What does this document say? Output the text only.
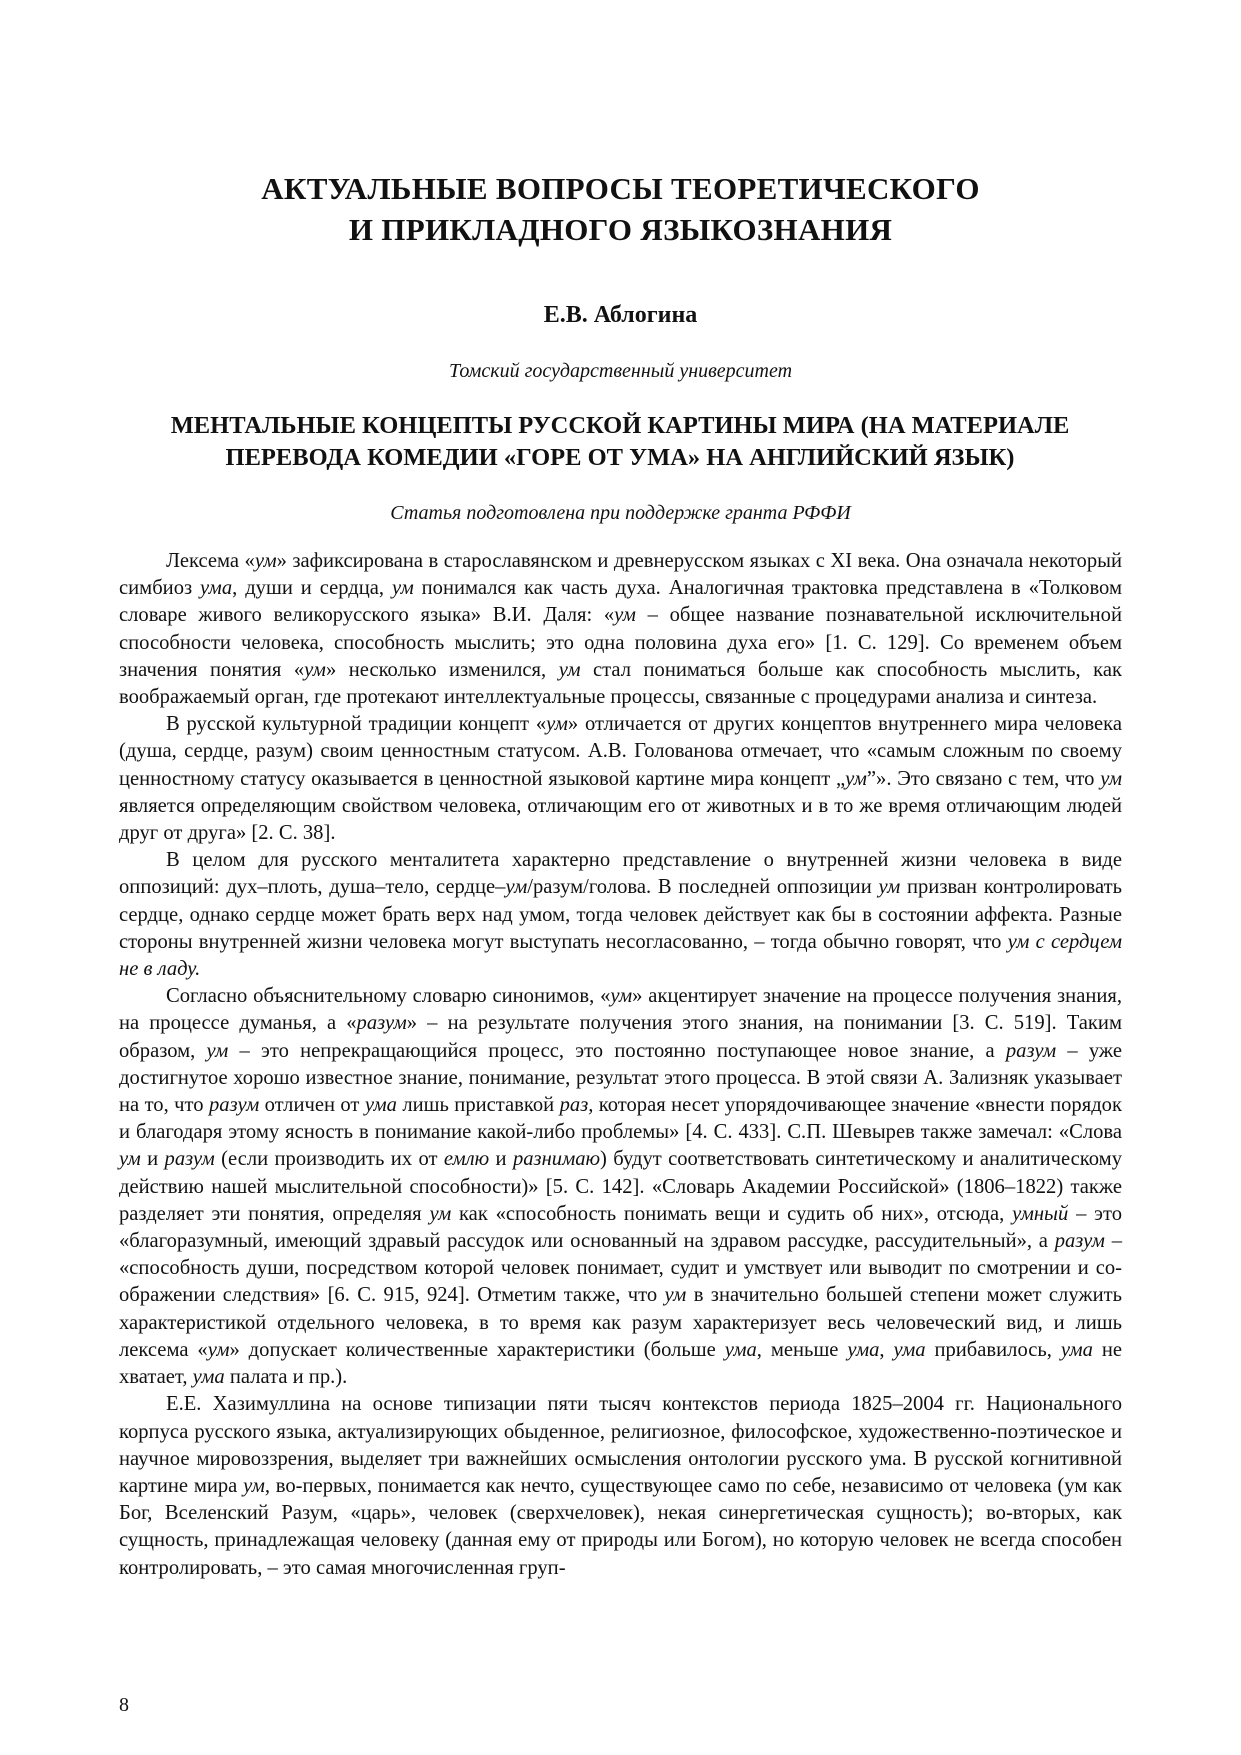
АКТУАЛЬНЫЕ ВОПРОСЫ ТЕОРЕТИЧЕСКОГО
И ПРИКЛАДНОГО ЯЗЫКОЗНАНИЯ
Е.В. Аблогина
Томский государственный университет
МЕНТАЛЬНЫЕ КОНЦЕПТЫ РУССКОЙ КАРТИНЫ МИРА (НА МАТЕРИАЛЕ
ПЕРЕВОДА КОМЕДИИ «ГОРЕ ОТ УМА» НА АНГЛИЙСКИЙ ЯЗЫК)
Статья подготовлена при поддержке гранта РФФИ

Лексема «ум» зафиксирована в старославянском и древнерусском языках с XI века. Она означала некоторый симбиоз ума, души и сердца, ум понимался как часть духа. Аналогичная трактовка представлена в «Толковом словаре живого великорусского языка» В.И. Даля: «ум – общее название познавательной исключительной способности человека, способность мыслить; это одна половина духа его» [1. С. 129]. Со временем объем значения понятия «ум» несколько изменился, ум стал пониматься больше как способность мыслить, как воображаемый орган, где протекают интеллектуальные процессы, связанные с процедурами анализа и синтеза.

В русской культурной традиции концепт «ум» отличается от других концептов внутреннего мира человека (душа, сердце, разум) своим ценностным статусом. А.В. Голованова отмечает, что «самым сложным по своему ценностному статусу оказывается в ценностной языковой картине мира концепт „ум”». Это связано с тем, что ум является определяющим свойством человека, отличающим его от животных и в то же время отличающим людей друг от друга» [2. С. 38].

В целом для русского менталитета характерно представление о внутренней жизни человека в виде оппозиций: дух–плоть, душа–тело, сердце–ум/разум/голова. В последней оппозиции ум призван контролировать сердце, однако сердце может брать верх над умом, тогда человек действует как бы в состоянии аффекта. Разные стороны внутренней жизни человека могут выступать несогласованно, – тогда обычно говорят, что ум с сердцем не в ладу.

Согласно объяснительному словарю синонимов, «ум» акцентирует значение на процессе получения знания, на процессе думанья, а «разум» – на результате получения этого знания, на понимании [3. С. 519]. Таким образом, ум – это непрекращающийся процесс, это постоянно поступающее новое знание, а разум – уже достигнутое хорошо известное знание, понимание, результат этого процесса. В этой связи А. Зализняк указывает на то, что разум отличен от ума лишь приставкой раз, которая несет упорядочивающее значение «внести порядок и благодаря этому ясность в понимание какой-либо проблемы» [4. С. 433]. С.П. Шевырев также замечал: «Слова ум и разум (если производить их от емлю и разнимаю) будут соответствовать синтетическому и аналитическому действию нашей мыслительной способности)» [5. С. 142]. «Словарь Академии Российской» (1806–1822) также разделяет эти понятия, определяя ум как «способность понимать вещи и судить об них», отсюда, умный – это «благоразумный, имеющий здравый рассудок или основанный на здравом рассудке, рассудительный», а разум – «способность души, посредством которой человек понимает, судит и умствует или выводит по смотрении и соображении следствия» [6. С. 915, 924]. Отметим также, что ум в значительно большей степени может служить характеристикой отдельного человека, в то время как разум характеризует весь человеческий вид, и лишь лексема «ум» допускает количественные характеристики (больше ума, меньше ума, ума прибавилось, ума не хватает, ума палата и пр.).

Е.Е. Хазимуллина на основе типизации пяти тысяч контекстов периода 1825–2004 гг. Национального корпуса русского языка, актуализирующих обыденное, религиозное, философское, художественно-поэтическое и научное мировоззрения, выделяет три важнейших осмысления онтологии русского ума. В русской когнитивной картине мира ум, во-первых, понимается как нечто, существующее само по себе, независимо от человека (ум как Бог, Вселенский Разум, «царь», человек (сверхчеловек), некая синергетическая сущность); во-вторых, как сущность, принадлежащая человеку (данная ему от природы или Богом), но которую человек не всегда способен контролировать, – это самая многочисленная груп-

8
